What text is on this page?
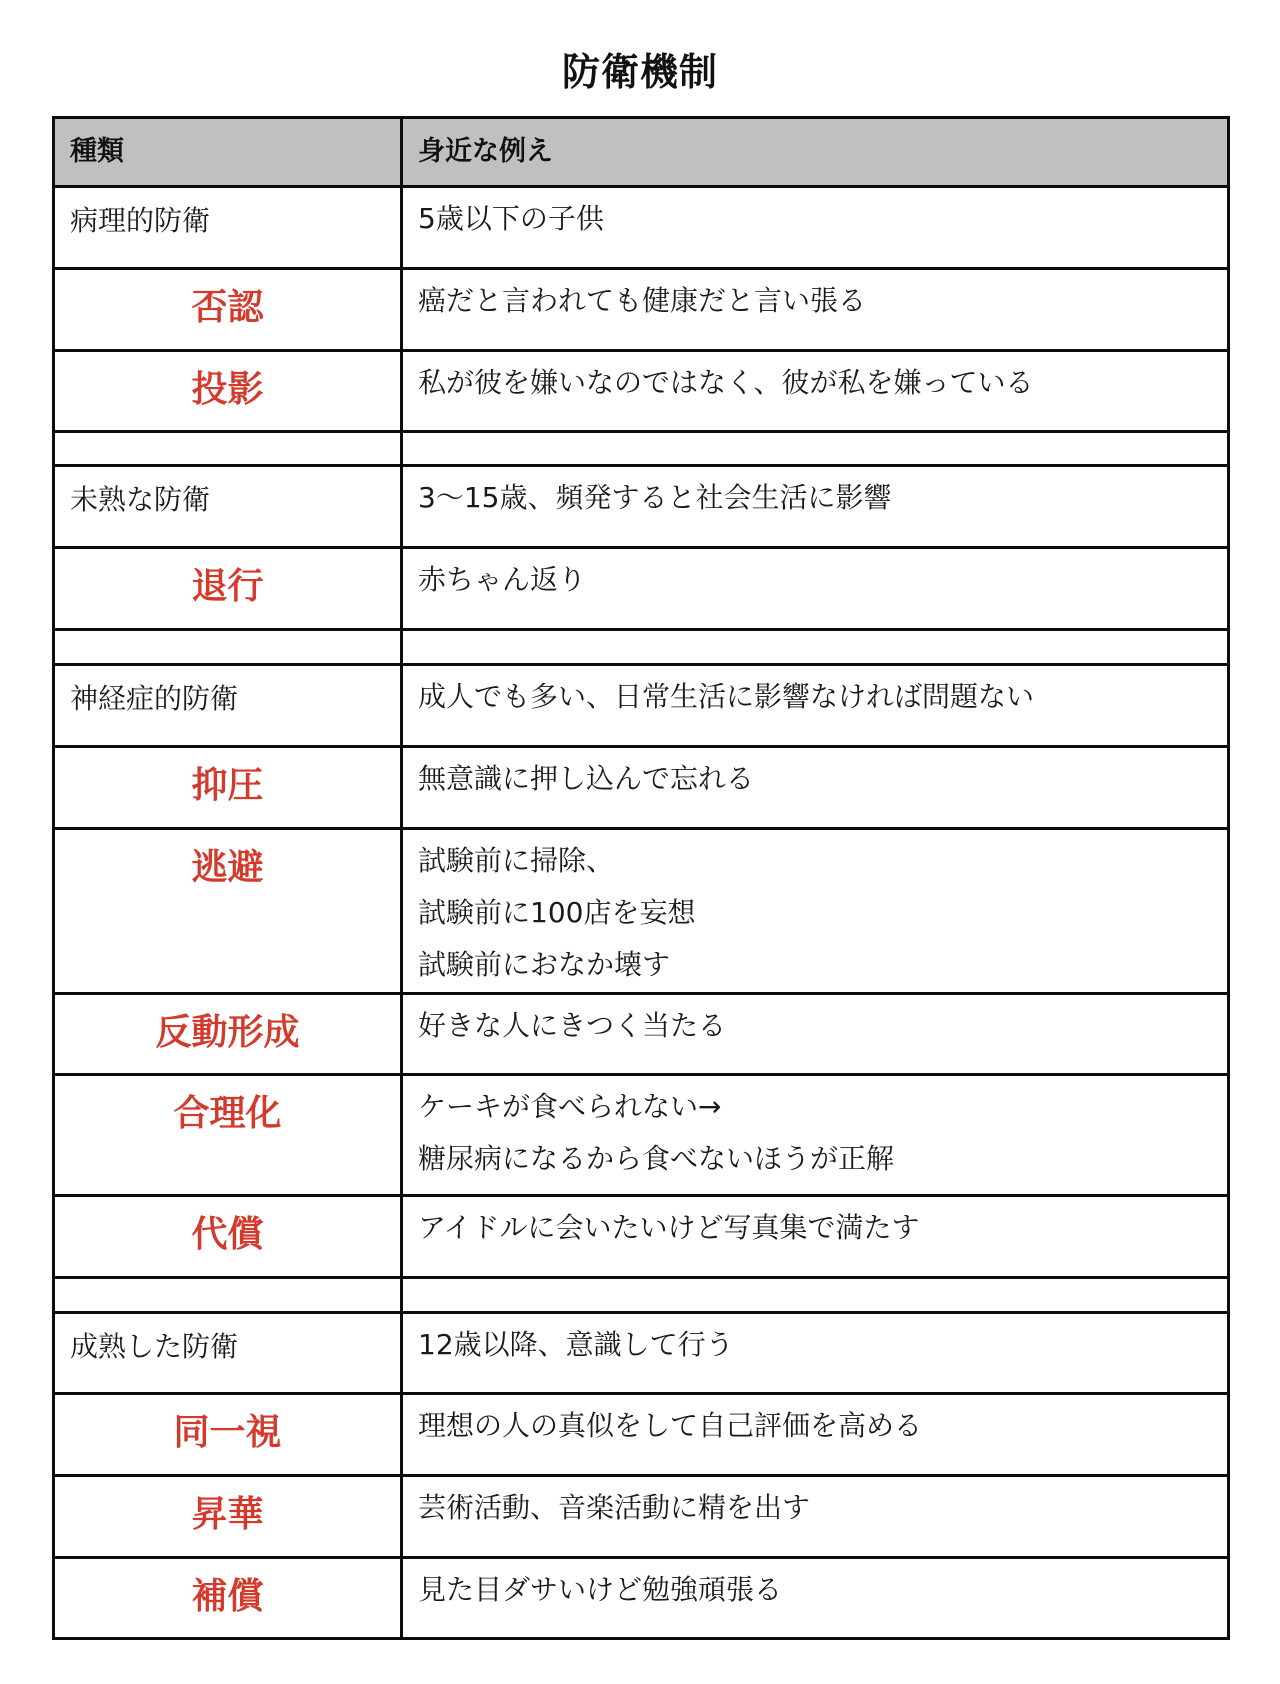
防衛機制
種類	身近な例え
病理的防衛	5歳以下の子供
否認	癌だと言われても健康だと言い張る
投影	私が彼を嫌いなのではなく、彼が私を嫌っている
未熟な防衛	3〜15歳、頻発すると社会生活に影響
退行	赤ちゃん返り
神経症的防衛	成人でも多い、日常生活に影響なければ問題ない
抑圧	無意識に押し込んで忘れる
逃避	試験前に掃除、
試験前に100店を妄想
試験前におなか壊す
反動形成	好きな人にきつく当たる
合理化	ケーキが食べられない→
糖尿病になるから食べないほうが正解
代償	アイドルに会いたいけど写真集で満たす
成熟した防衛	12歳以降、意識して行う
同一視	理想の人の真似をして自己評価を高める
昇華	芸術活動、音楽活動に精を出す
補償	見た目ダサいけど勉強頑張る
